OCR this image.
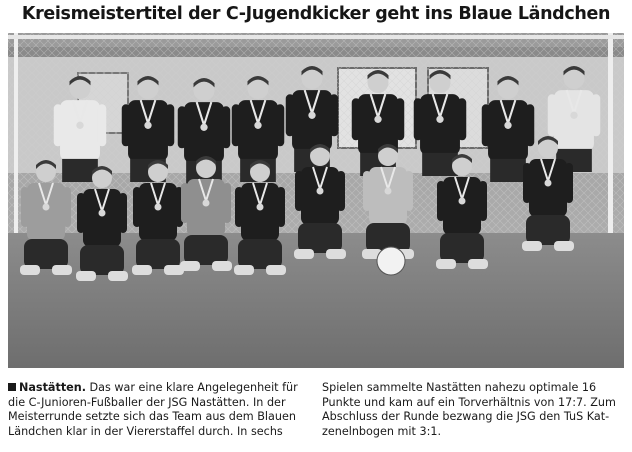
Kreismeistertitel der C-Jugendkicker geht ins Blaue Ländchen
Nastätten. Das war eine klare Angelegenheit für
die C-Junioren-Fußballer der JSG Nastätten. In der
Meisterrunde setzte sich das Team aus dem Blauen
Ländchen klar in der Viererstaffel durch. In sechs
Spielen sammelte Nastätten nahezu optimale 16
Punkte und kam auf ein Torverhältnis von 17:7. Zum
Abschluss der Runde bezwang die JSG den TuS Kat-
zenelnbogen mit 3:1.
